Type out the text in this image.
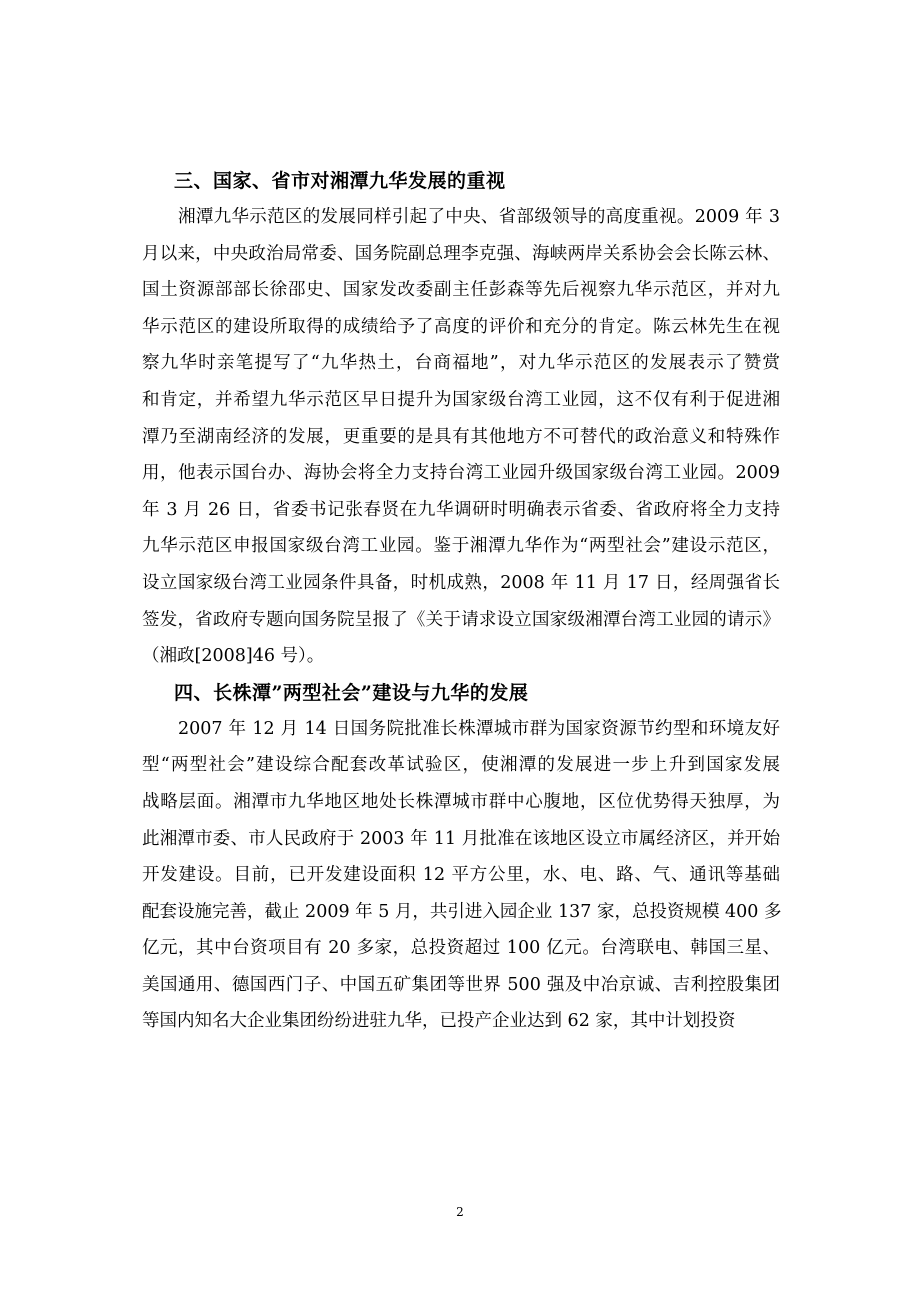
三、国家、省市对湘潭九华发展的重视
湘潭九华示范区的发展同样引起了中央、省部级领导的高度重视。2009 年 3
月以来，中央政治局常委、国务院副总理李克强、海峡两岸关系协会会长陈云林、
国土资源部部长徐邵史、国家发改委副主任彭森等先后视察九华示范区，并对九
华示范区的建设所取得的成绩给予了高度的评价和充分的肯定。陈云林先生在视
察九华时亲笔提写了“九华热土，台商福地”，对九华示范区的发展表示了赞赏
和肯定，并希望九华示范区早日提升为国家级台湾工业园，这不仅有利于促进湘
潭乃至湖南经济的发展，更重要的是具有其他地方不可替代的政治意义和特殊作
用，他表示国台办、海协会将全力支持台湾工业园升级国家级台湾工业园。2009
年 3 月 26 日，省委书记张春贤在九华调研时明确表示省委、省政府将全力支持
九华示范区申报国家级台湾工业园。鉴于湘潭九华作为“两型社会”建设示范区，
设立国家级台湾工业园条件具备，时机成熟，2008 年 11 月 17 日，经周强省长
签发，省政府专题向国务院呈报了《关于请求设立国家级湘潭台湾工业园的请示》
（湘政[2008]46 号）。
四、长株潭”两型社会”建设与九华的发展
2007 年 12 月 14 日国务院批准长株潭城市群为国家资源节约型和环境友好
型“两型社会”建设综合配套改革试验区，使湘潭的发展进一步上升到国家发展
战略层面。湘潭市九华地区地处长株潭城市群中心腹地，区位优势得天独厚，为
此湘潭市委、市人民政府于 2003 年 11 月批准在该地区设立市属经济区，并开始
开发建设。目前，已开发建设面积 12 平方公里，水、电、路、气、通讯等基础
配套设施完善，截止 2009 年 5 月，共引进入园企业 137 家，总投资规模 400 多
亿元，其中台资项目有 20 多家，总投资超过 100 亿元。台湾联电、韩国三星、
美国通用、德国西门子、中国五矿集团等世界 500 强及中冶京诚、吉利控股集团
等国内知名大企业集团纷纷进驻九华，已投产企业达到 62 家，其中计划投资
2
